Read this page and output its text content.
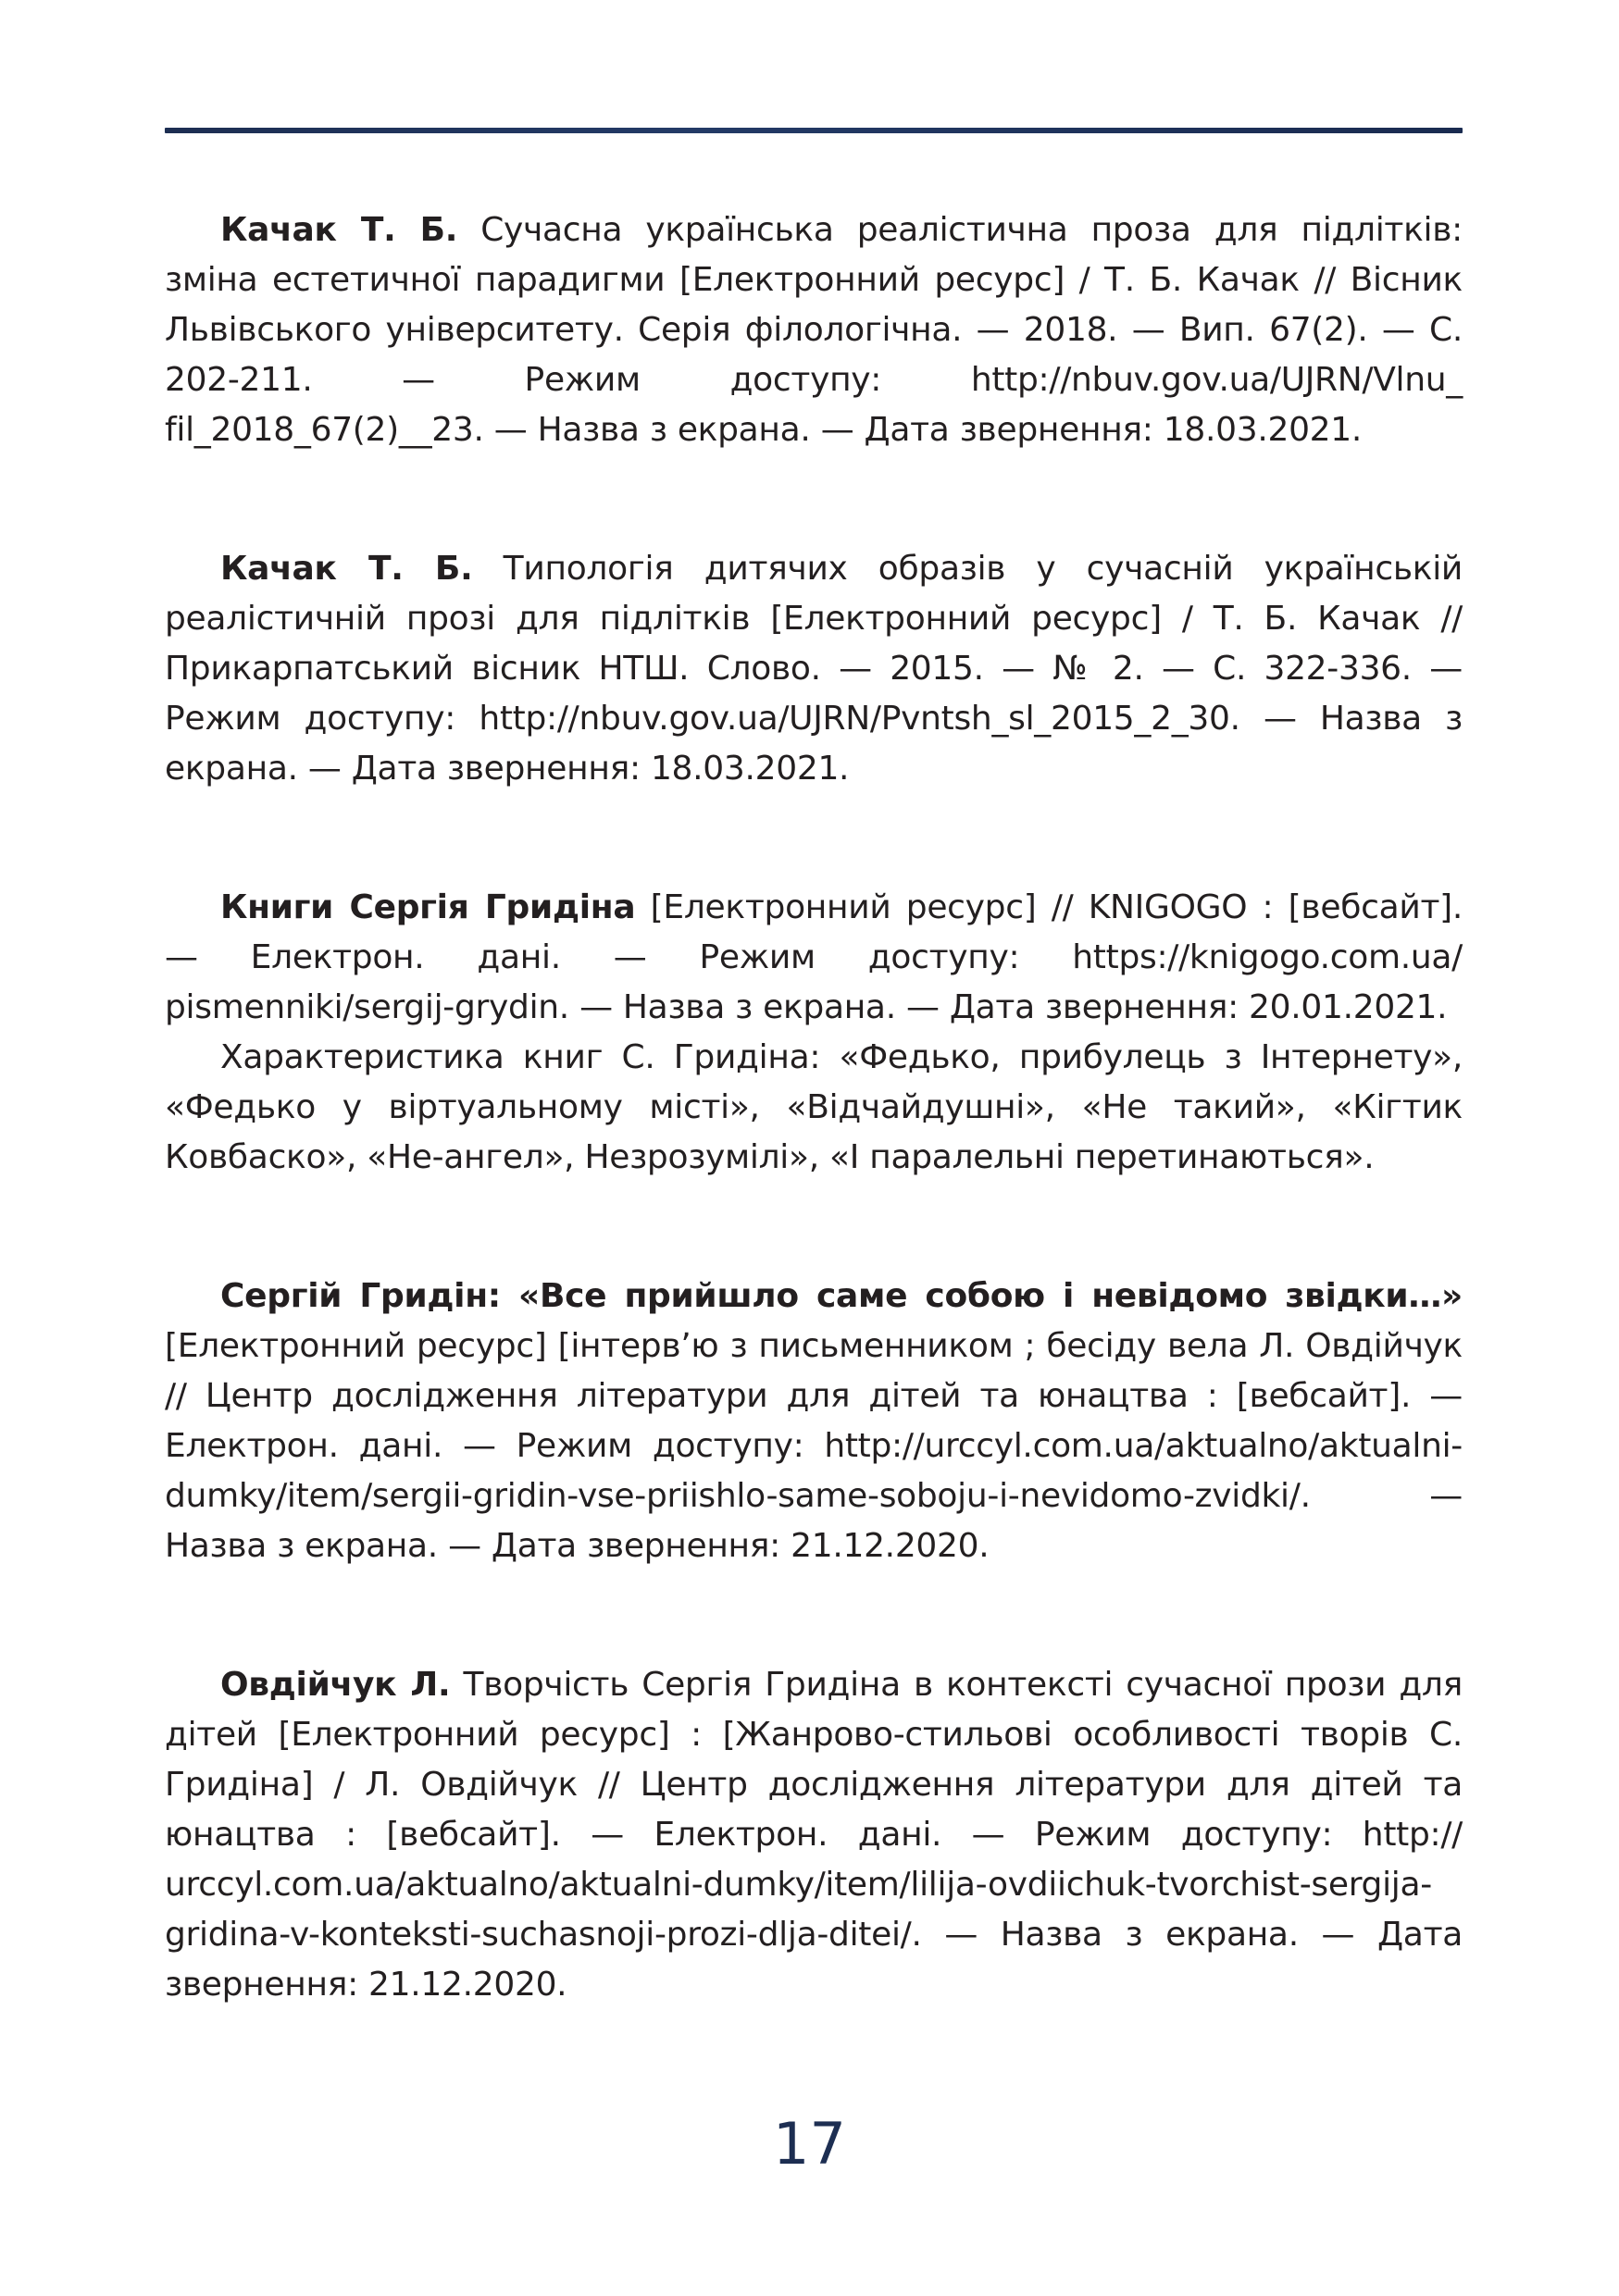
Качак Т. Б. Сучасна українська реалістична проза для підлітків: зміна естетичної парадигми [Електронний ресурс] / Т. Б. Качак // Вісник Львівського університету. Серія філологічна. — 2018. — Вип. 67(2). — С. 202-211. — Режим доступу: http://nbuv.gov.ua/UJRN/Vlnu_ fil_2018_67(2)__23. — Назва з екрана. — Дата звернення: 18.03.2021.

Качак Т. Б. Типологія дитячих образів у сучасній українській реалістичній прозі для підлітків [Електронний ресурс] / Т. Б. Качак // Прикарпатський вісник НТШ. Слово. — 2015. — № 2. — С. 322-336. — Режим доступу: http://nbuv.gov.ua/UJRN/Pvntsh_sl_2015_2_30. — Назва з екрана. — Дата звернення: 18.03.2021.

Книги Сергія Гридіна [Електронний ресурс] // KNIGOGO : [вебсайт]. — Електрон. дані. — Режим доступу: https://knigogo.com.ua/ pismenniki/sergij-grydin. — Назва з екрана. — Дата звернення: 20.01.2021.

Характеристика книг С. Гридіна: «Федько, прибулець з Інтернету», «Федько у віртуальному місті», «Відчайдушні», «Не такий», «Кігтик Ковбаско», «Не-ангел», Незрозумілі», «І паралельні перетинаються».

Сергій Гридін: «Все прийшло саме собою і невідомо звідки…» [Електронний ресурс] [інтерв’ю з письменником ; бесіду вела Л. Овдійчук // Центр дослідження літератури для дітей та юнацтва : [вебсайт]. — Електрон. дані. — Режим доступу: http://urccyl.com.ua/aktualno/aktualni-dumky/item/sergii-gridin-vse-priishlo-same-soboju-i-nevidomo-zvidki/. — Назва з екрана. — Дата звернення: 21.12.2020.

Овдійчук Л. Творчість Сергія Гридіна в контексті сучасної прози для дітей [Електронний ресурс] : [Жанрово-стильові особливості творів С. Гридіна] / Л. Овдійчук // Центр дослідження літератури для дітей та юнацтва : [вебсайт]. — Електрон. дані. — Режим доступу: http:// urccyl.com.ua/aktualno/aktualni-dumky/item/lilija-ovdiichuk-tvorchist-sergija-gridina-v-konteksti-suchasnoji-prozi-dlja-ditei/. — Назва з екрана. — Дата звернення: 21.12.2020.

17
